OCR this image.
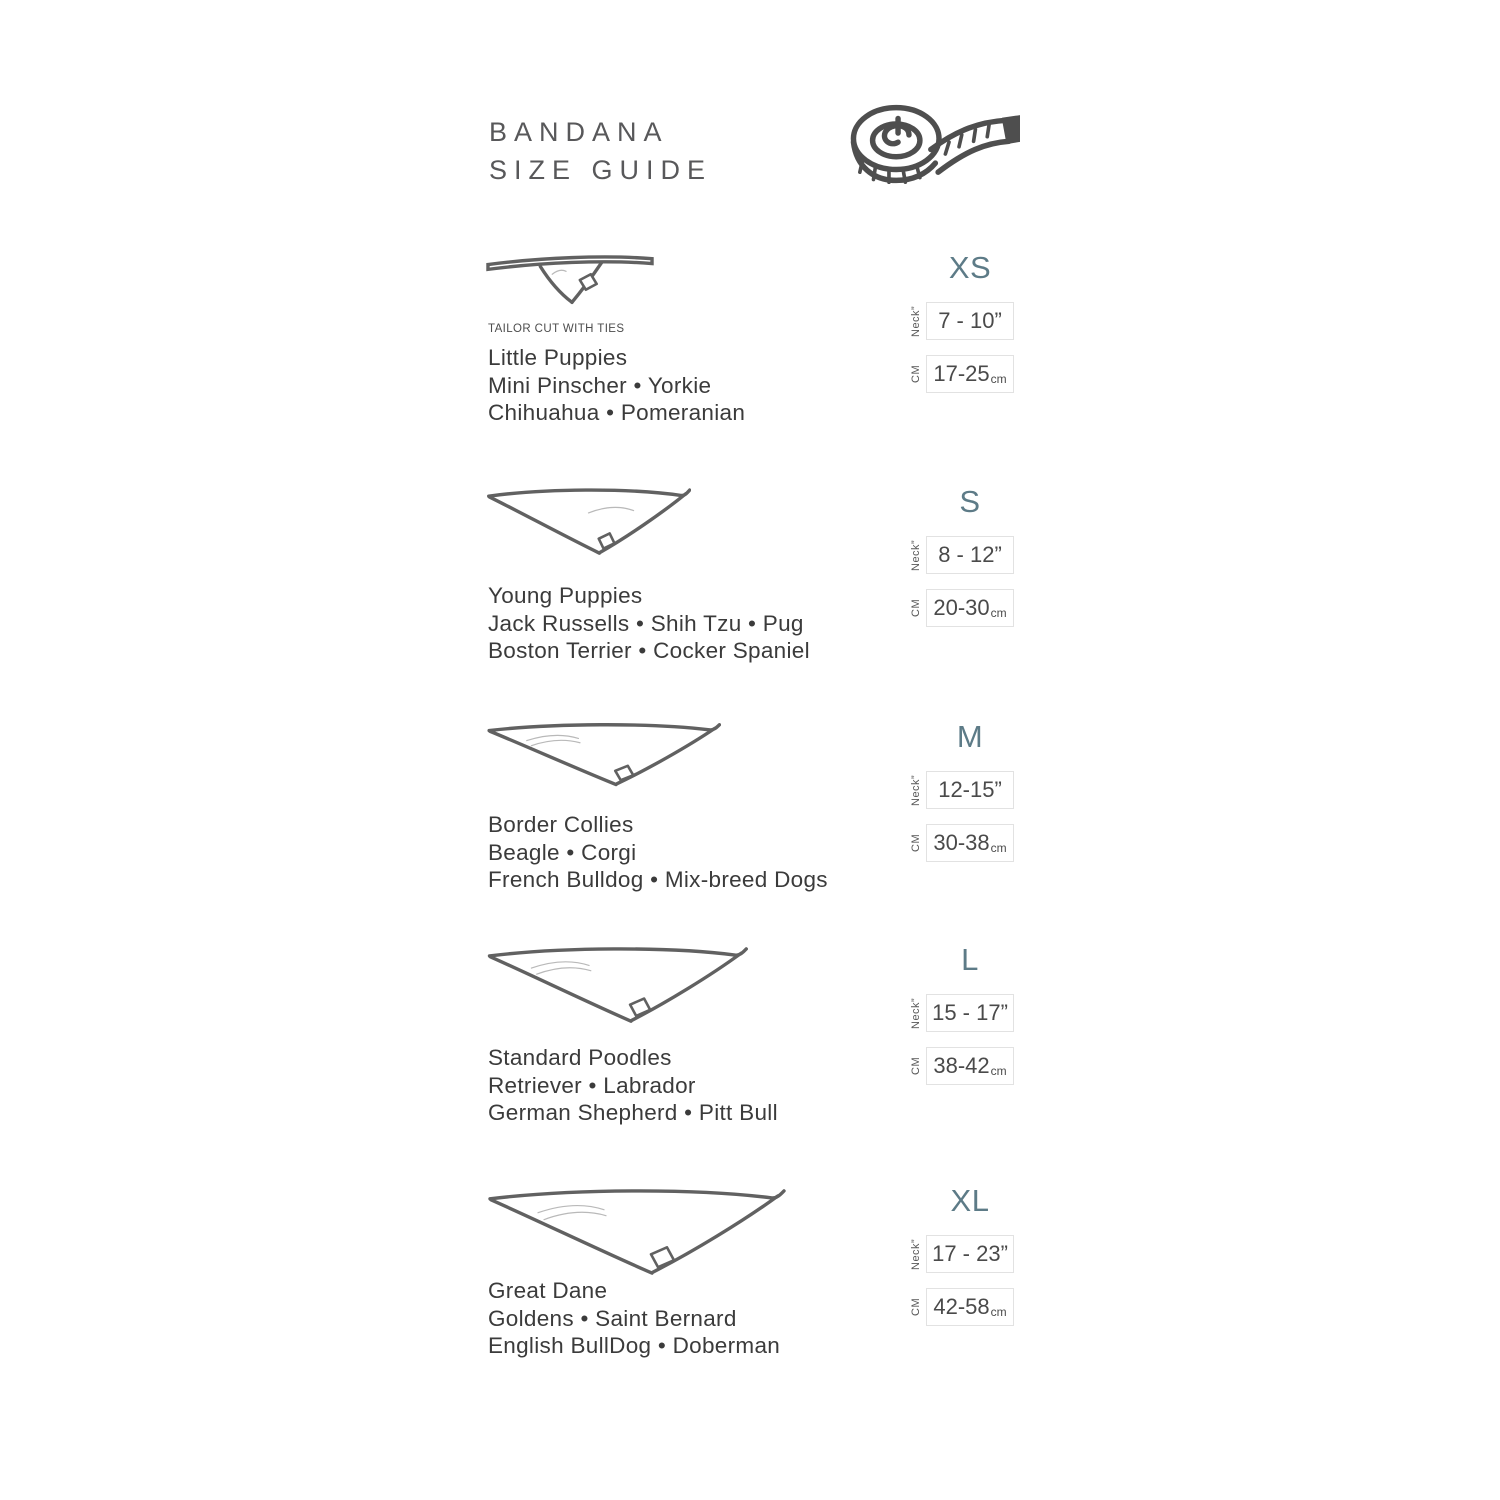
BANDANA
SIZE GUIDE
TAILOR CUT WITH TIES
Little Puppies
Mini Pinscher • Yorkie
Chihuahua • Pomeranian
XS
Neck” 7 - 10”
CM 17-25 cm
Young Puppies
Jack Russells • Shih Tzu • Pug
Boston Terrier • Cocker Spaniel
S
Neck” 8 - 12”
CM 20-30 cm
Border Collies
Beagle • Corgi
French Bulldog • Mix-breed Dogs
M
Neck” 12-15”
CM 30-38 cm
Standard Poodles
Retriever • Labrador
German Shepherd • Pitt Bull
L
Neck” 15 - 17”
CM 38-42 cm
Great Dane
Goldens • Saint Bernard
English BullDog • Doberman
XL
Neck” 17 - 23”
CM 42-58 cm
